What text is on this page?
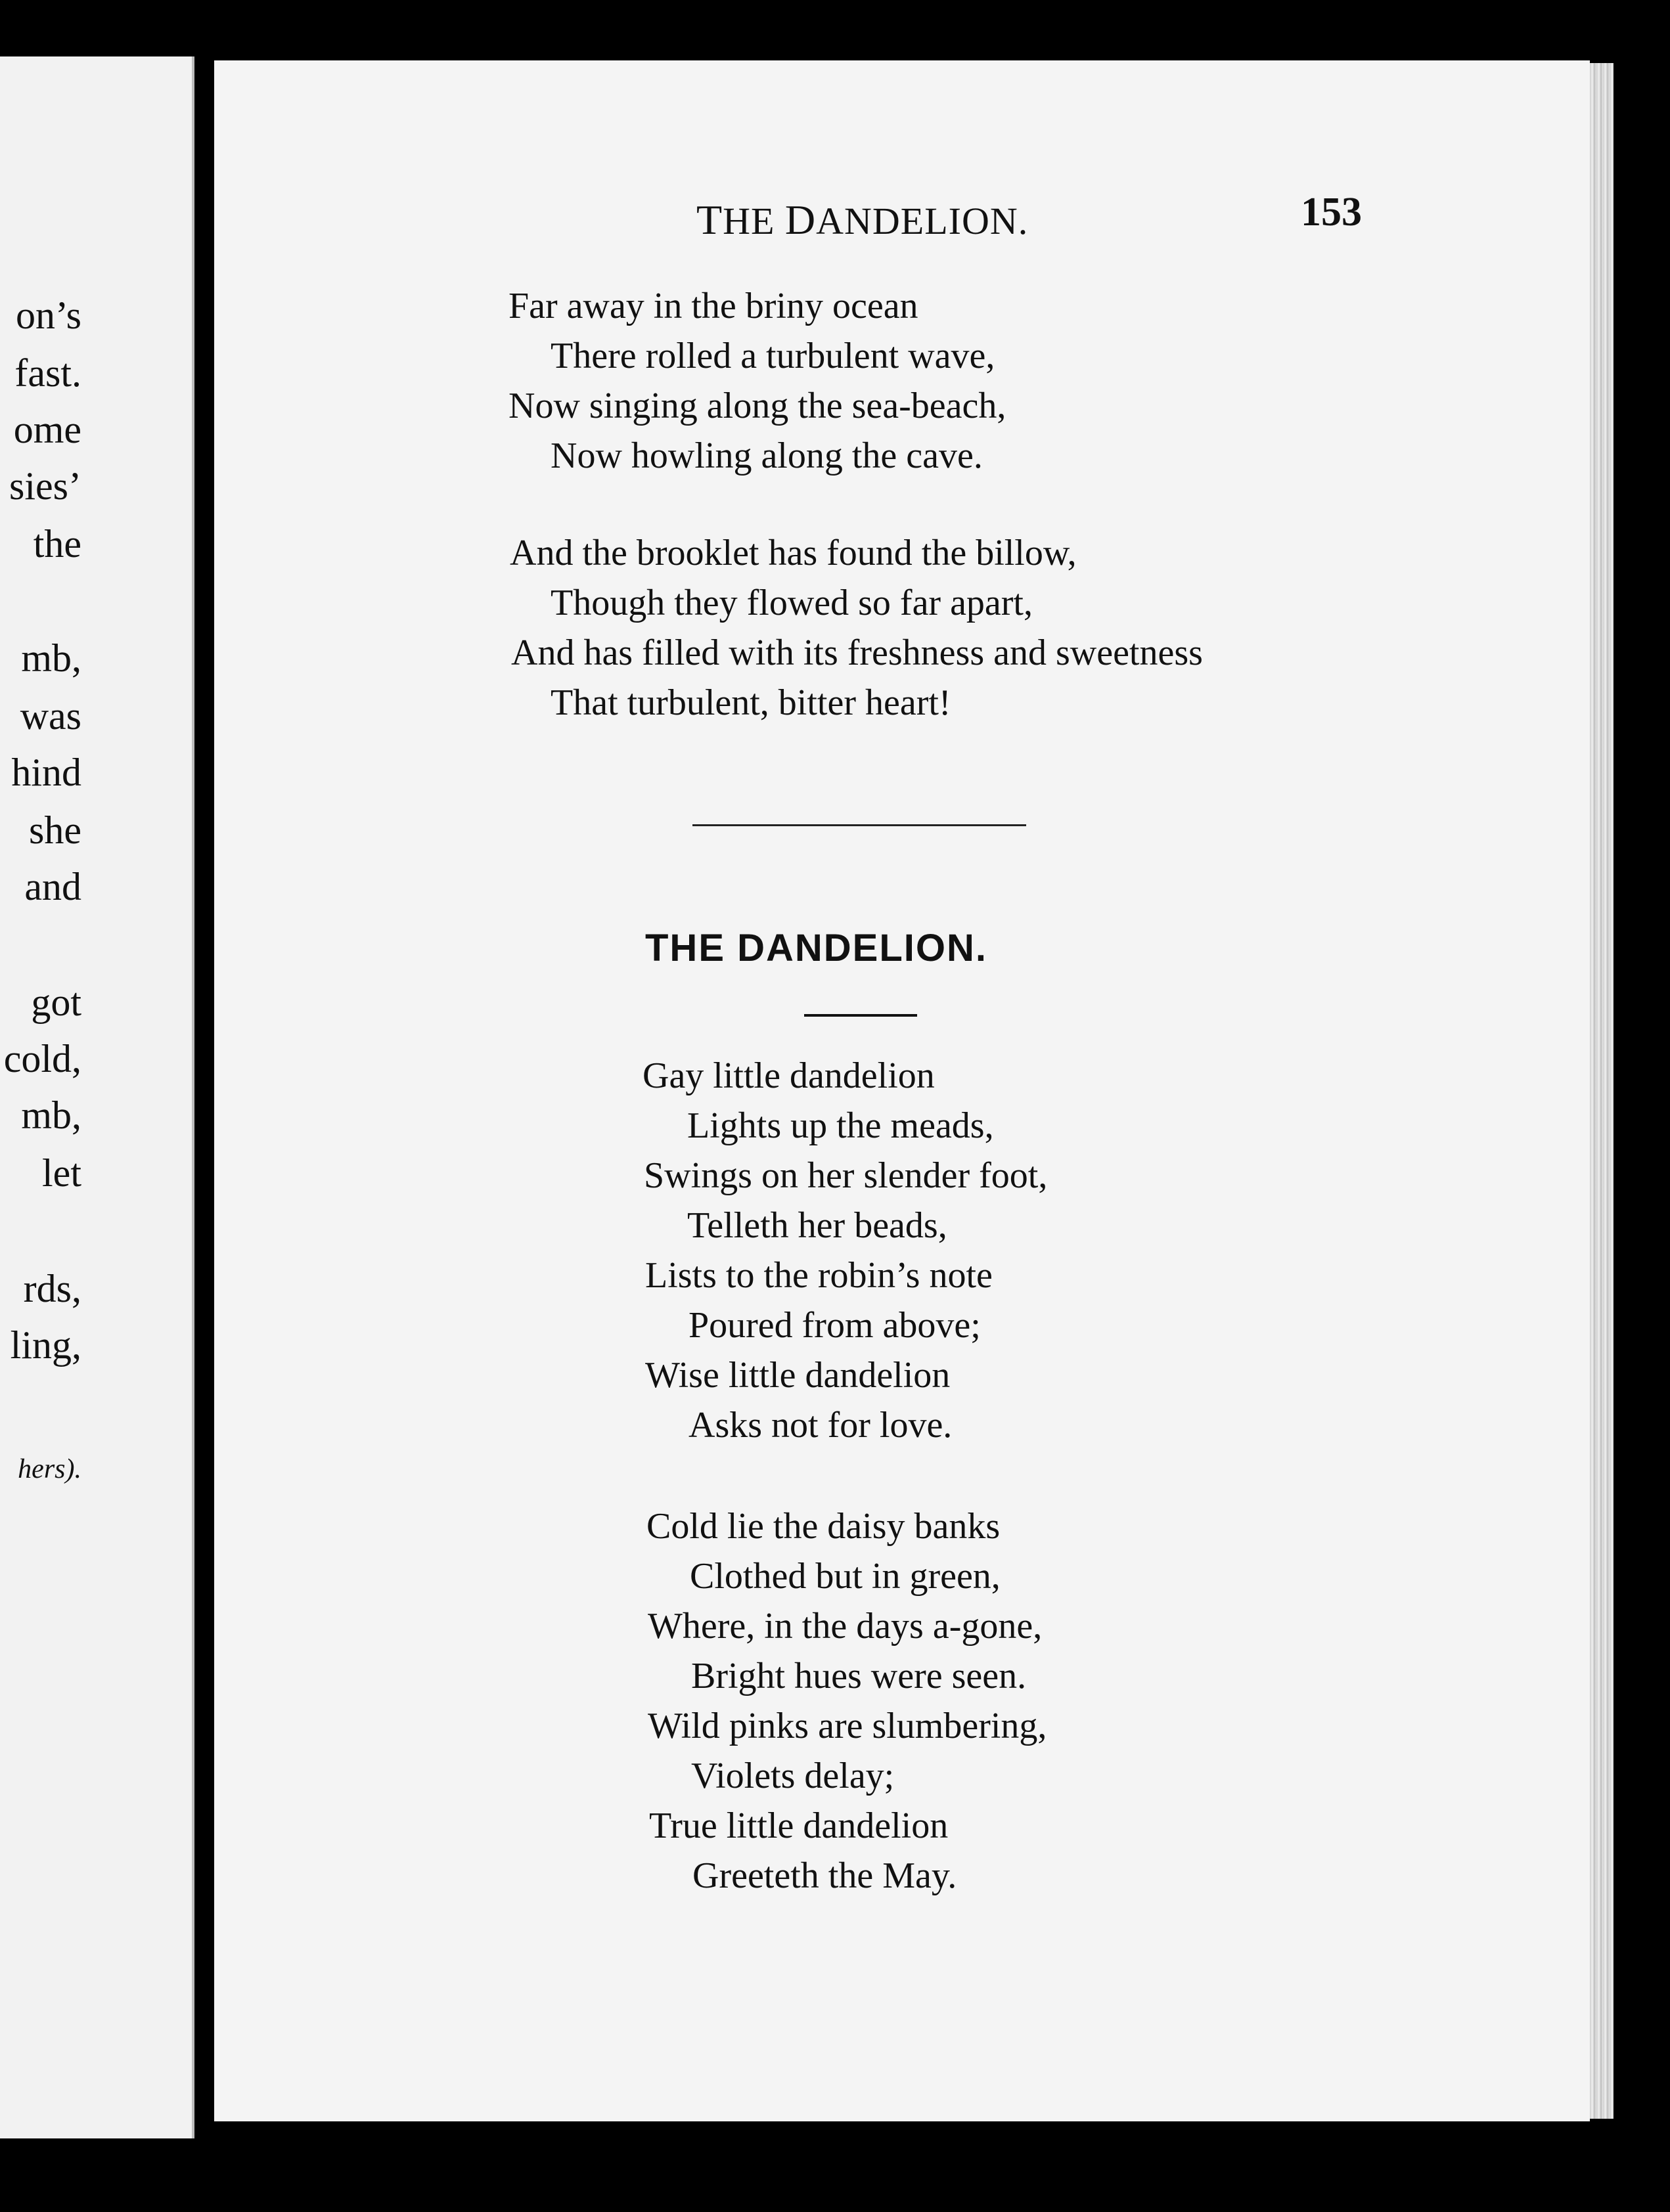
on’s
fast.
ome
sies’
the
mb,
was
hind
she
and
got
cold,
mb,
let
rds,
ling,
hers).
THE DANDELION.	153
Far away in the briny ocean
There rolled a turbulent wave,
Now singing along the sea-beach,
Now howling along the cave.
And the brooklet has found the billow,
Though they flowed so far apart,
And has filled with its freshness and sweetness
That turbulent, bitter heart!
THE DANDELION.
Gay little dandelion
Lights up the meads,
Swings on her slender foot,
Telleth her beads,
Lists to the robin’s note
Poured from above;
Wise little dandelion
Asks not for love.
Cold lie the daisy banks
Clothed but in green,
Where, in the days a-gone,
Bright hues were seen.
Wild pinks are slumbering,
Violets delay;
True little dandelion
Greeteth the May.
